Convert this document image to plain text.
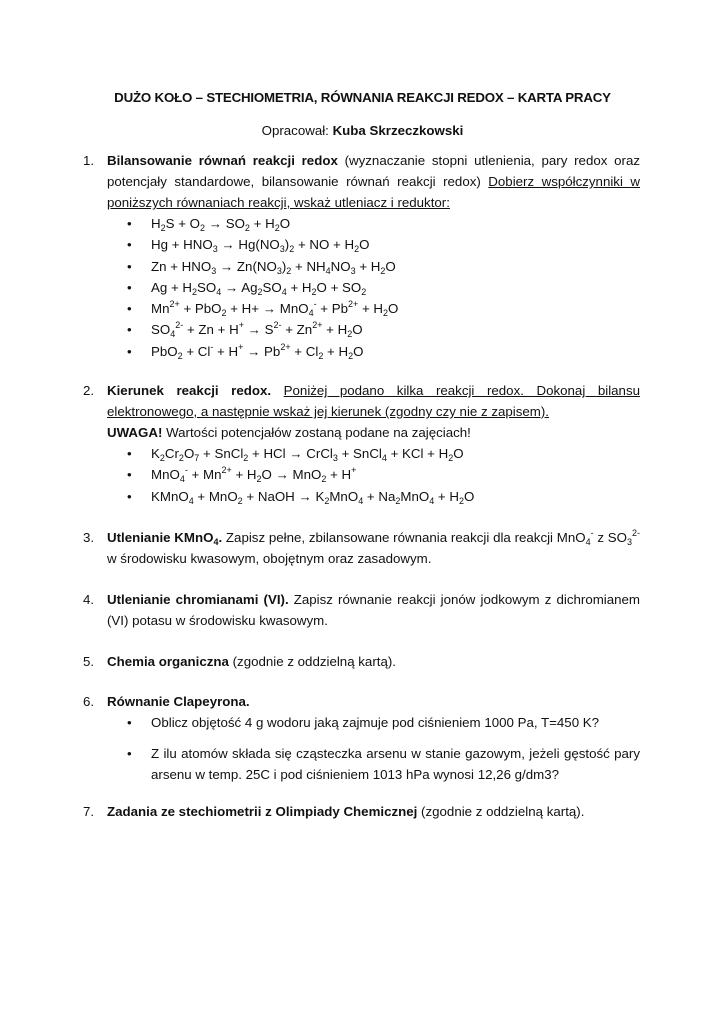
DUŻO KOŁO – STECHIOMETRIA, RÓWNANIA REAKCJI REDOX – KARTA PRACY
Opracował: Kuba Skrzeczkowski
1. Bilansowanie równań reakcji redox (wyznaczanie stopni utlenienia, pary redox oraz potencjały standardowe, bilansowanie równań reakcji redox) Dobierz współczynniki w poniższych równaniach reakcji, wskaż utleniacz i reduktor:
• $H_2S + O_2 \to SO_2 + H_2O$
• $Hg + HNO_3 \to Hg(NO_3)_2$ + NO + $H_2O$
• $Zn + HNO_3 \to Zn(NO_3)_2 + NH_4NO_3 + H_2O$
• $Ag + H_2SO_4 \to Ag_2SO_4 + H_2O + SO_2$
• $Mn^{2+} + PbO_2 + H+ \to MnO_4^- + Pb^{2+} + H_2O$
• $SO_4^{2-} + Zn + H^+ \to S^{2-} + Zn^{2+} + H_2O$
• $PbO_2 + Cl^- + H^+ \to Pb^{2+} + Cl_2 + H_2O$
2. Kierunek reakcji redox. Poniżej podano kilka reakcji redox. Dokonaj bilansu elektronowego, a następnie wskaż jej kierunek (zgodny czy nie z zapisem).
UWAGA! Wartości potencjałów zostaną podane na zajęciach!
• $K_2Cr_2O_7$ + SnCl$_2$ + HCl → CrCl$_3$ + SnCl$_4$ + KCl + $H_2O$
• $MnO_4^- + Mn^{2+} + H_2O \to MnO_2 + H^+$
• KMnO$_4$ + MnO$_2$ + NaOH → $K_2MnO_4 + Na_2MnO_4 + H_2O$
3. Utlenianie KMnO$_4$. Zapisz pełne, zbilansowane równania reakcji dla reakcji MnO$_4$- z $SO_3^{2-}$ w środowisku kwasowym, obojętnym oraz zasadowym.
4. Utlenianie chromianami (VI). Zapisz równanie reakcji jonów jodkowym z dichromianem (VI) potasu w środowisku kwasowym.
5. Chemia organiczna (zgodnie z oddzielną kartą).
6. Równanie Clapeyrona.
• Oblicz objętość 4 g wodoru jaką zajmuje pod ciśnieniem 1000 Pa, T=450 K?
• Z ilu atomów składa się cząsteczka arsenu w stanie gazowym, jeżeli gęstość pary arsenu w temp. 25C i pod ciśnieniem 1013 hPa wynosi 12,26 g/dm3?
7. Zadania ze stechiometrii z Olimpiady Chemicznej (zgodnie z oddzielną kartą).
